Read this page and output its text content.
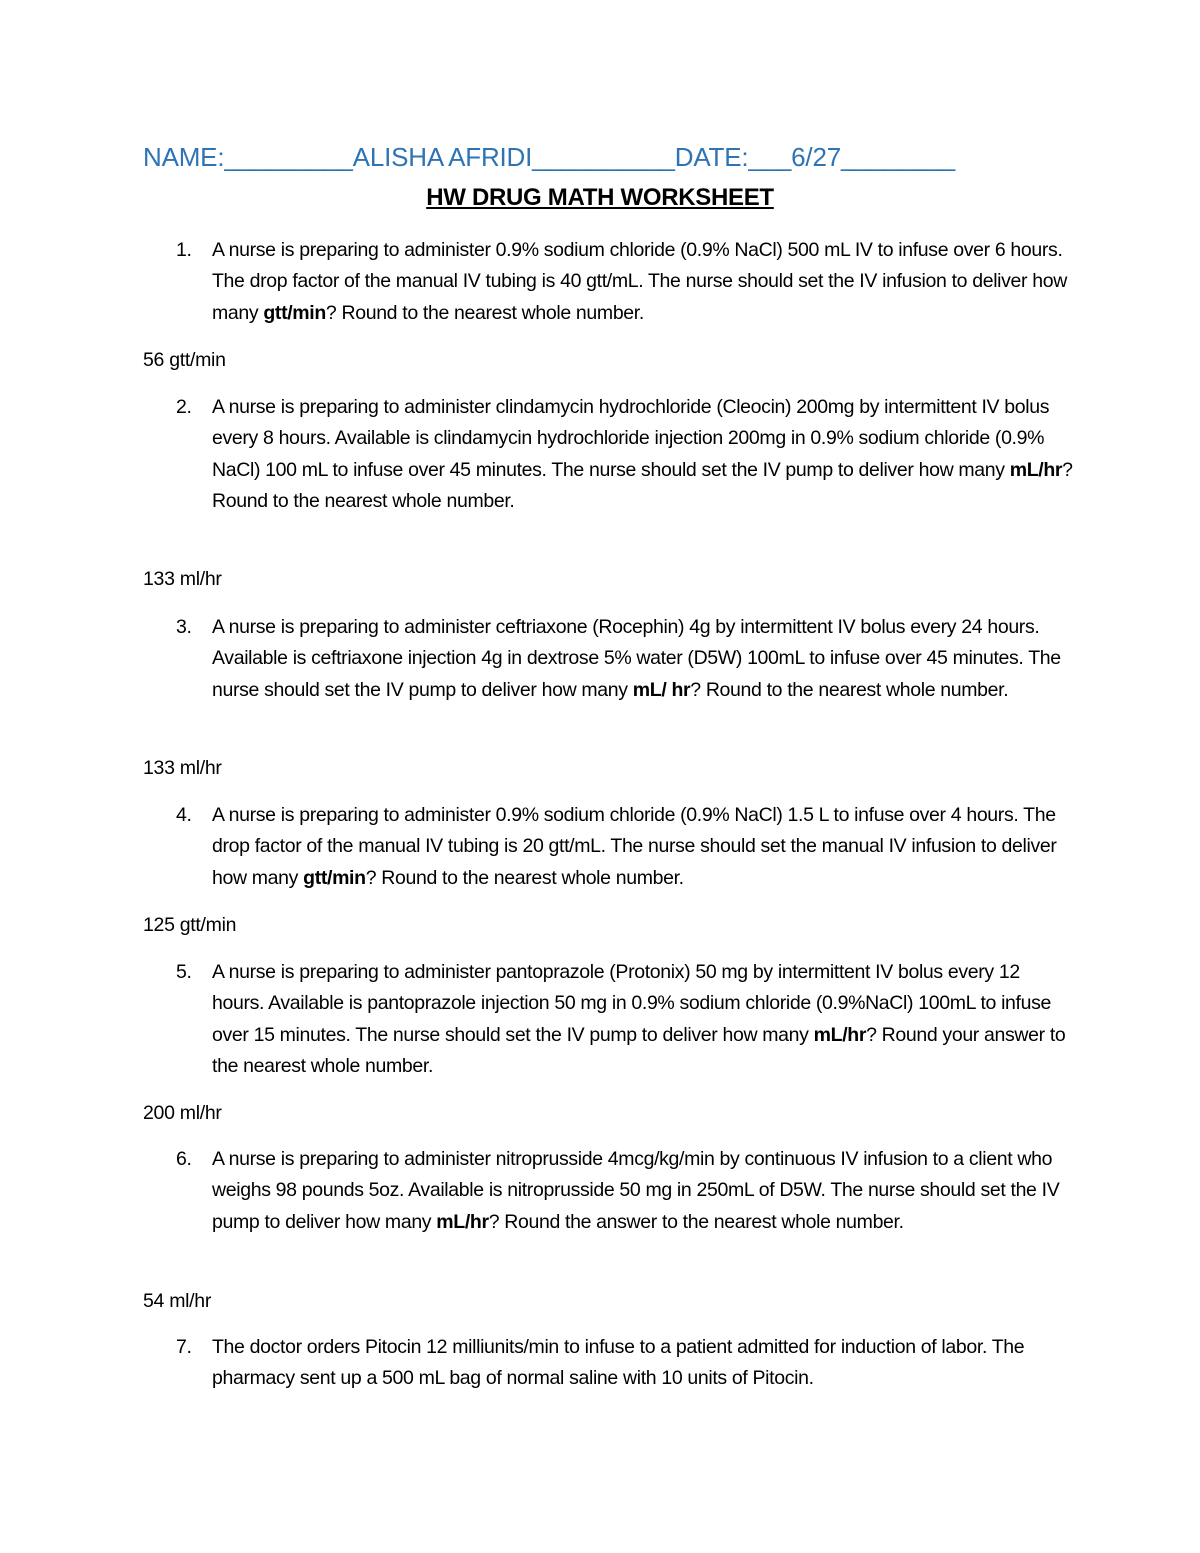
NAME:_________ALISHA AFRIDI__________DATE:___6/27________
HW DRUG MATH WORKSHEET
1.	A nurse is preparing to administer 0.9% sodium chloride (0.9% NaCl) 500 mL IV to infuse over 6 hours. The drop factor of the manual IV tubing is 40 gtt/mL. The nurse should set the IV infusion to deliver how many gtt/min? Round to the nearest whole number.
56 gtt/min
2.	A nurse is preparing to administer clindamycin hydrochloride (Cleocin) 200mg by intermittent IV bolus every 8 hours. Available is clindamycin hydrochloride injection 200mg in 0.9% sodium chloride (0.9% NaCl) 100 mL to infuse over 45 minutes. The nurse should set the IV pump to deliver how many mL/hr? Round to the nearest whole number.
133 ml/hr
3.	A nurse is preparing to administer ceftriaxone (Rocephin) 4g by intermittent IV bolus every 24 hours. Available is ceftriaxone injection 4g in dextrose 5% water (D5W) 100mL to infuse over 45 minutes. The nurse should set the IV pump to deliver how many mL/ hr? Round to the nearest whole number.
133 ml/hr
4.	A nurse is preparing to administer 0.9% sodium chloride (0.9% NaCl) 1.5 L to infuse over 4 hours. The drop factor of the manual IV tubing is 20 gtt/mL. The nurse should set the manual IV infusion to deliver how many gtt/min? Round to the nearest whole number.
125 gtt/min
5.	A nurse is preparing to administer pantoprazole (Protonix) 50 mg by intermittent IV bolus every 12 hours. Available is pantoprazole injection 50 mg in 0.9% sodium chloride (0.9%NaCl) 100mL to infuse over 15 minutes. The nurse should set the IV pump to deliver how many mL/hr? Round your answer to the nearest whole number.
200 ml/hr
6.	A nurse is preparing to administer nitroprusside 4mcg/kg/min by continuous IV infusion to a client who weighs 98 pounds 5oz. Available is nitroprusside 50 mg in 250mL of D5W. The nurse should set the IV pump to deliver how many mL/hr? Round the answer to the nearest whole number.
54 ml/hr
7.	The doctor orders Pitocin 12 milliunits/min to infuse to a patient admitted for induction of labor. The pharmacy sent up a 500 mL bag of normal saline with 10 units of Pitocin.
